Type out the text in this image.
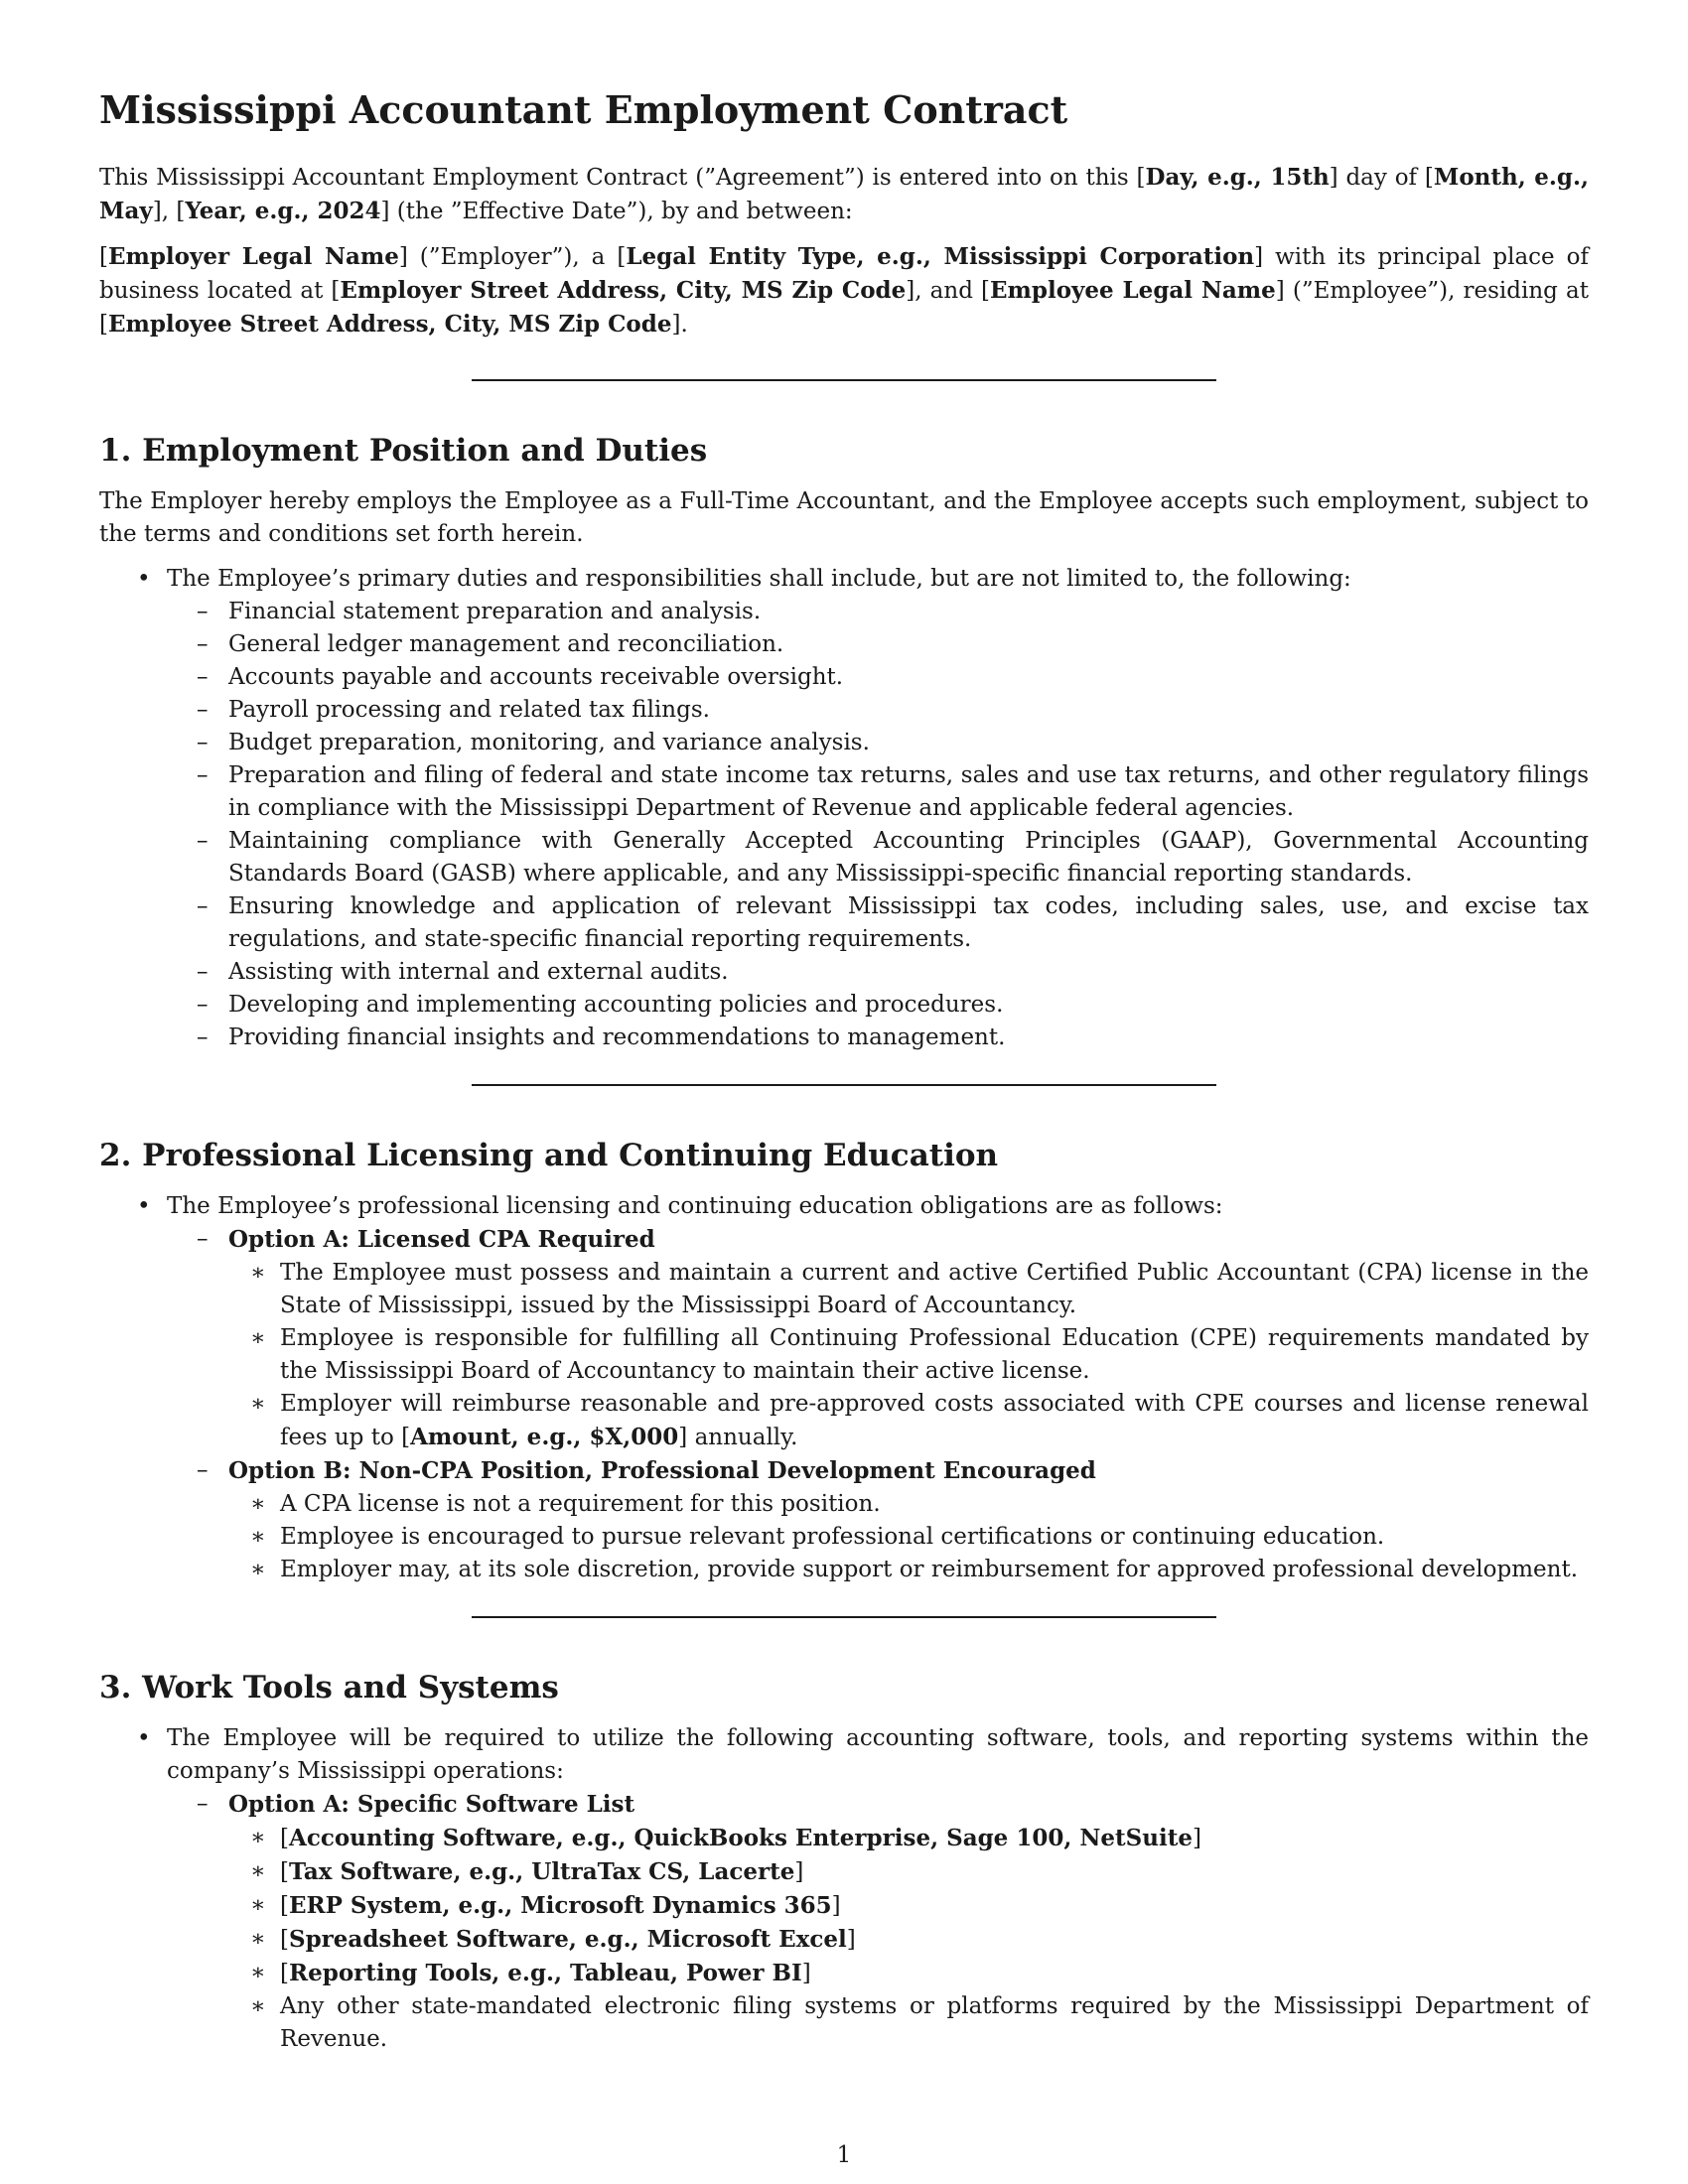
Mississippi Accountant Employment Contract

This Mississippi Accountant Employment Contract (”Agreement”) is entered into on this [Day, e.g., 15th] day of [Month, e.g., May], [Year, e.g., 2024] (the ”Effective Date”), by and between:

[Employer Legal Name] (”Employer”), a [Legal Entity Type, e.g., Mississippi Corporation] with its principal place of business located at [Employer Street Address, City, MS Zip Code], and [Employee Legal Name] (”Employee”), residing at [Employee Street Address, City, MS Zip Code].

1. Employment Position and Duties

The Employer hereby employs the Employee as a Full-Time Accountant, and the Employee accepts such employment, subject to the terms and conditions set forth herein.

• The Employee’s primary duties and responsibilities shall include, but are not limited to, the following:
– Financial statement preparation and analysis.
– General ledger management and reconciliation.
– Accounts payable and accounts receivable oversight.
– Payroll processing and related tax filings.
– Budget preparation, monitoring, and variance analysis.
– Preparation and filing of federal and state income tax returns, sales and use tax returns, and other regulatory filings in compliance with the Mississippi Department of Revenue and applicable federal agencies.
– Maintaining compliance with Generally Accepted Accounting Principles (GAAP), Governmental Accounting Standards Board (GASB) where applicable, and any Mississippi-specific financial reporting standards.
– Ensuring knowledge and application of relevant Mississippi tax codes, including sales, use, and excise tax regulations, and state-specific financial reporting requirements.
– Assisting with internal and external audits.
– Developing and implementing accounting policies and procedures.
– Providing financial insights and recommendations to management.
2. Professional Licensing and Continuing Education
• The Employee’s professional licensing and continuing education obligations are as follows:
– Option A: Licensed CPA Required
∗ The Employee must possess and maintain a current and active Certified Public Accountant (CPA) license in the State of Mississippi, issued by the Mississippi Board of Accountancy.
∗ Employee is responsible for fulfilling all Continuing Professional Education (CPE) requirements mandated by the Mississippi Board of Accountancy to maintain their active license.
∗ Employer will reimburse reasonable and pre-approved costs associated with CPE courses and license renewal fees up to [Amount, e.g., $X,000] annually.
– Option B: Non-CPA Position, Professional Development Encouraged
∗ A CPA license is not a requirement for this position.
∗ Employee is encouraged to pursue relevant professional certifications or continuing education.
∗ Employer may, at its sole discretion, provide support or reimbursement for approved professional development.
3. Work Tools and Systems
• The Employee will be required to utilize the following accounting software, tools, and reporting systems within the company’s Mississippi operations:
– Option A: Specific Software List
∗ [Accounting Software, e.g., QuickBooks Enterprise, Sage 100, NetSuite]
∗ [Tax Software, e.g., UltraTax CS, Lacerte]
∗ [ERP System, e.g., Microsoft Dynamics 365]
∗ [Spreadsheet Software, e.g., Microsoft Excel]
∗ [Reporting Tools, e.g., Tableau, Power BI]
∗ Any other state-mandated electronic filing systems or platforms required by the Mississippi Department of Revenue.
1
